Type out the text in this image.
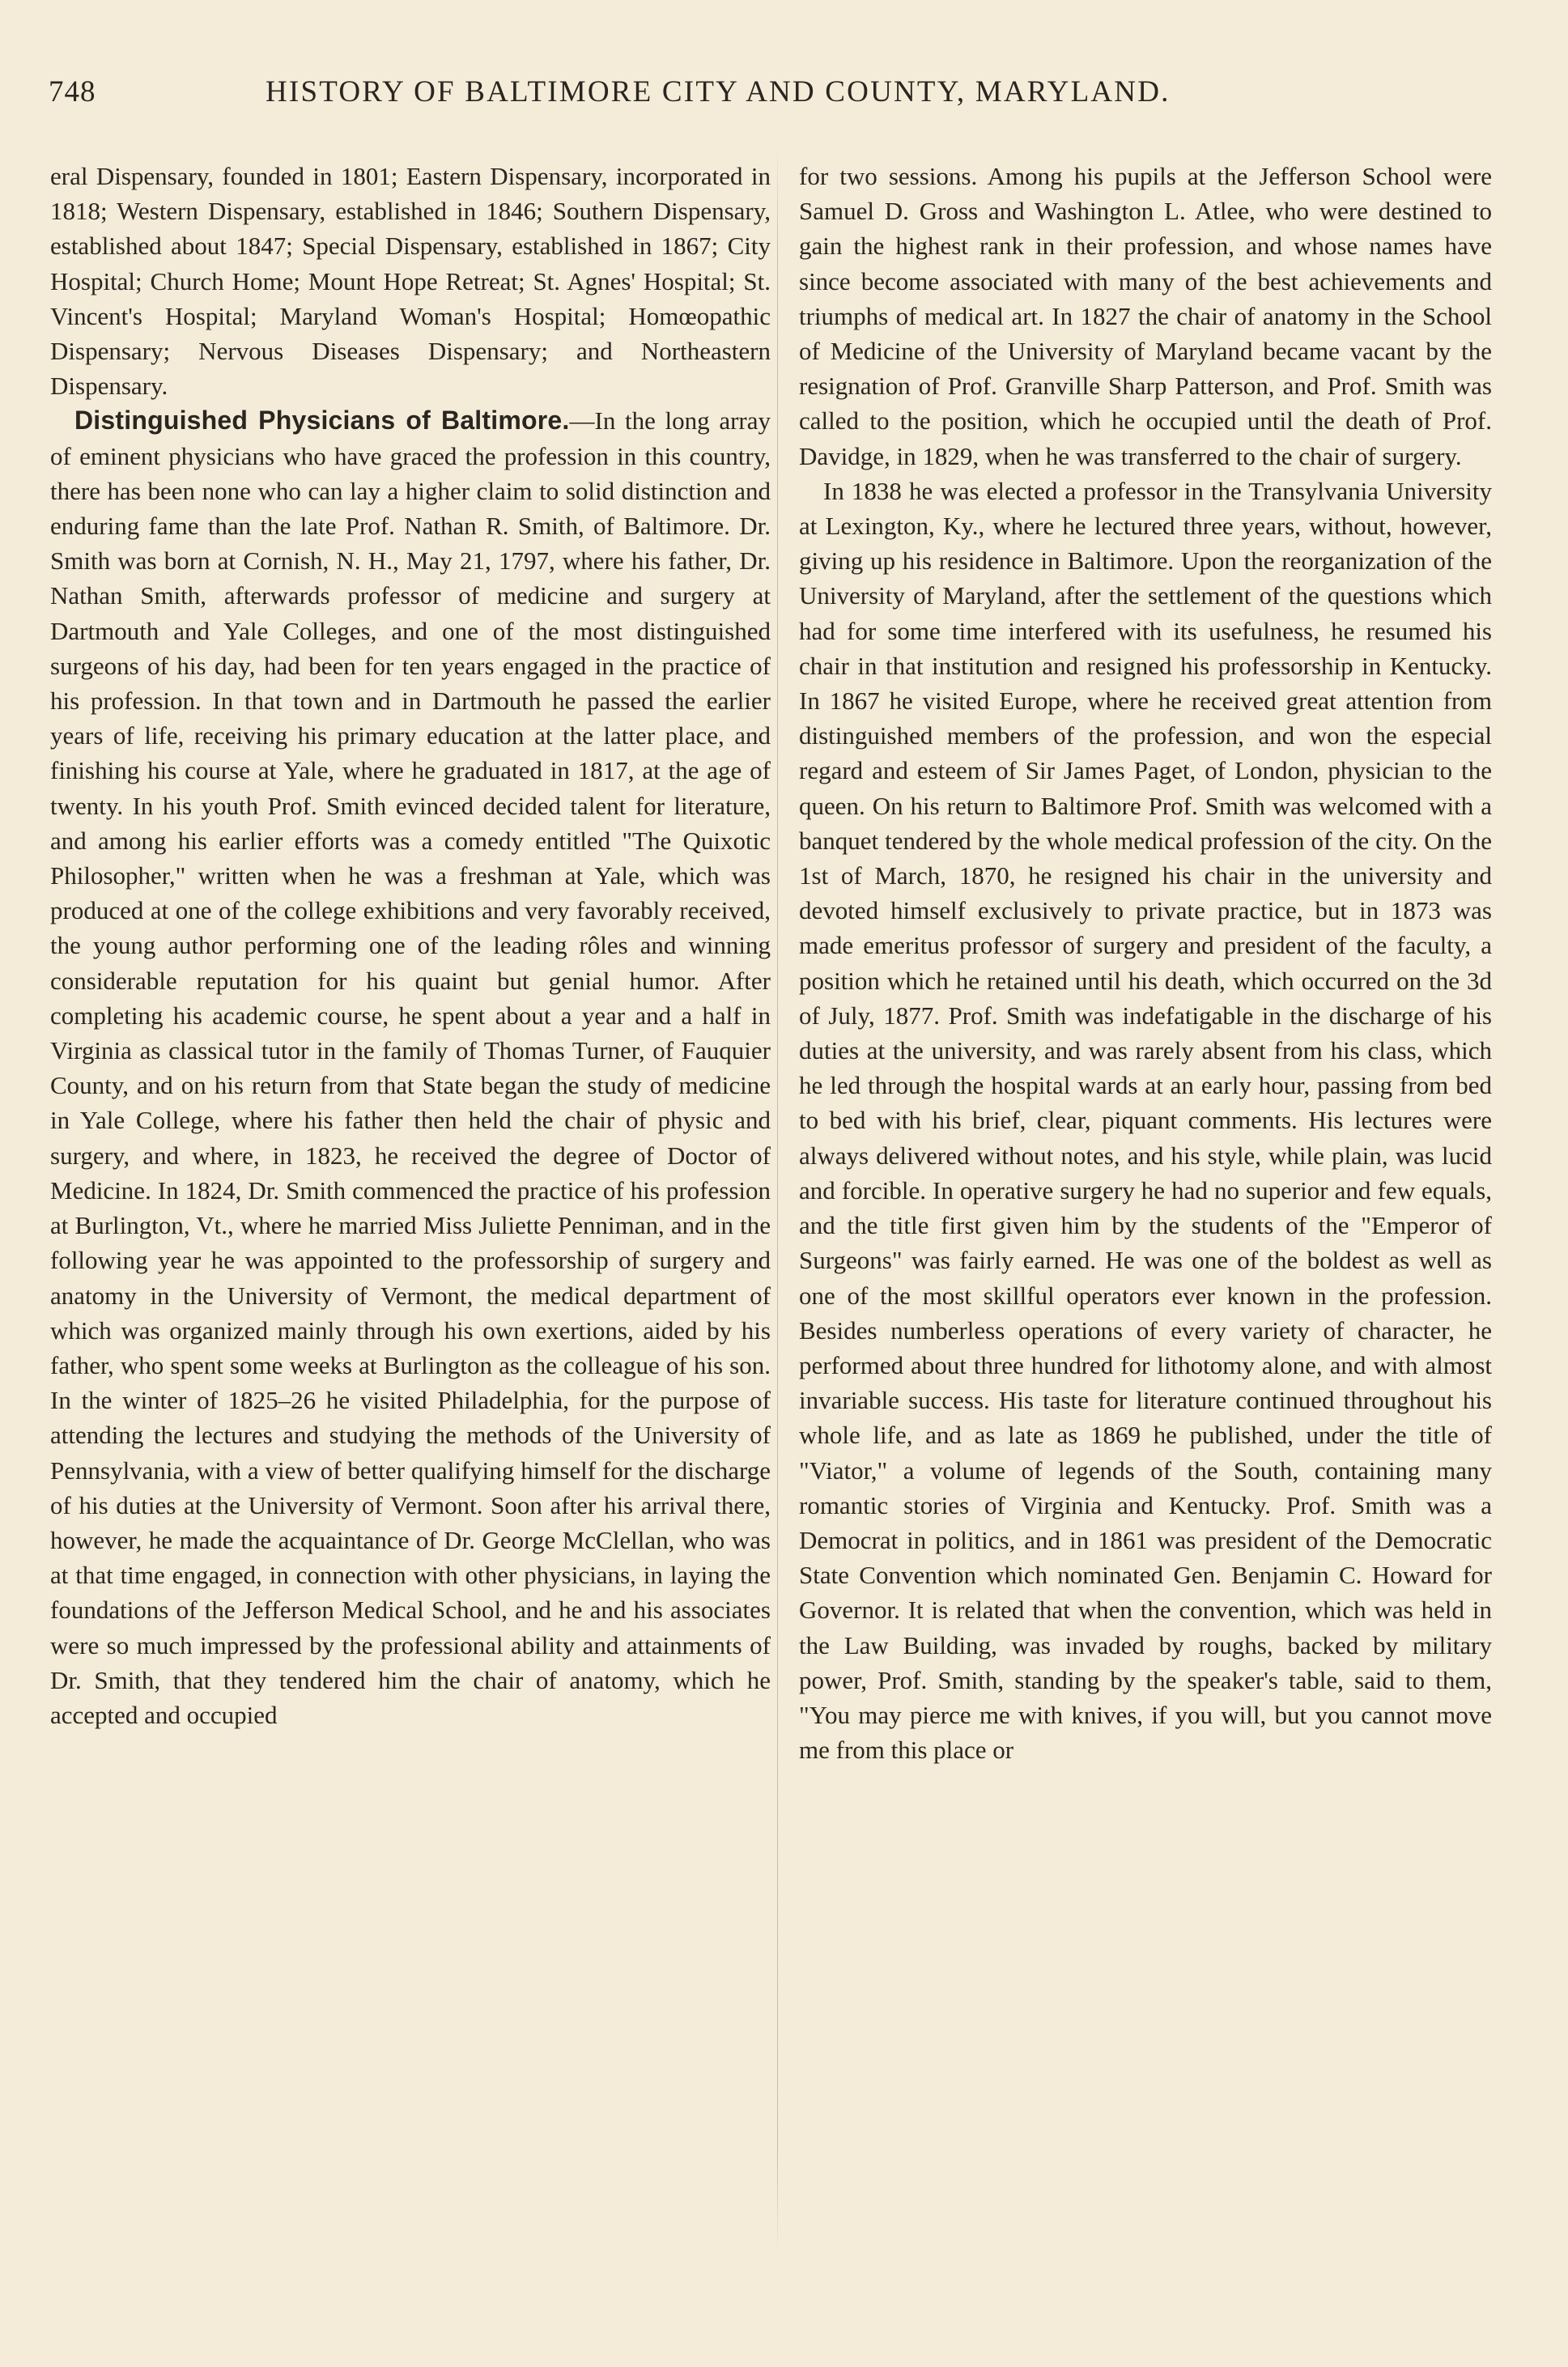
748	HISTORY OF BALTIMORE CITY AND COUNTY, MARYLAND.

eral Dispensary, founded in 1801; Eastern Dispensary, incorporated in 1818; Western Dispensary, established in 1846; Southern Dispensary, established about 1847; Special Dispensary, established in 1867; City Hospital; Church Home; Mount Hope Retreat; St. Agnes' Hospital; St. Vincent's Hospital; Maryland Woman's Hospital; Homœopathic Dispensary; Nervous Diseases Dispensary; and Northeastern Dispensary.

Distinguished Physicians of Baltimore.—In the long array of eminent physicians who have graced the profession in this country, there has been none who can lay a higher claim to solid distinction and enduring fame than the late Prof. Nathan R. Smith, of Baltimore. Dr. Smith was born at Cornish, N. H., May 21, 1797, where his father, Dr. Nathan Smith, afterwards professor of medicine and surgery at Dartmouth and Yale Colleges, and one of the most distinguished surgeons of his day, had been for ten years engaged in the practice of his profession. In that town and in Dartmouth he passed the earlier years of life, receiving his primary education at the latter place, and finishing his course at Yale, where he graduated in 1817, at the age of twenty. In his youth Prof. Smith evinced decided talent for literature, and among his earlier efforts was a comedy entitled "The Quixotic Philosopher," written when he was a freshman at Yale, which was produced at one of the college exhibitions and very favorably received, the young author performing one of the leading rôles and winning considerable reputation for his quaint but genial humor. After completing his academic course, he spent about a year and a half in Virginia as classical tutor in the family of Thomas Turner, of Fauquier County, and on his return from that State began the study of medicine in Yale College, where his father then held the chair of physic and surgery, and where, in 1823, he received the degree of Doctor of Medicine. In 1824, Dr. Smith commenced the practice of his profession at Burlington, Vt., where he married Miss Juliette Penniman, and in the following year he was appointed to the professorship of surgery and anatomy in the University of Vermont, the medical department of which was organized mainly through his own exertions, aided by his father, who spent some weeks at Burlington as the colleague of his son. In the winter of 1825–26 he visited Philadelphia, for the purpose of attending the lectures and studying the methods of the University of Pennsylvania, with a view of better qualifying himself for the discharge of his duties at the University of Vermont. Soon after his arrival there, however, he made the acquaintance of Dr. George McClellan, who was at that time engaged, in connection with other physicians, in laying the foundations of the Jefferson Medical School, and he and his associates were so much impressed by the professional ability and attainments of Dr. Smith, that they tendered him the chair of anatomy, which he accepted and occupied

for two sessions. Among his pupils at the Jefferson School were Samuel D. Gross and Washington L. Atlee, who were destined to gain the highest rank in their profession, and whose names have since become associated with many of the best achievements and triumphs of medical art. In 1827 the chair of anatomy in the School of Medicine of the University of Maryland became vacant by the resignation of Prof. Granville Sharp Patterson, and Prof. Smith was called to the position, which he occupied until the death of Prof. Davidge, in 1829, when he was transferred to the chair of surgery.

In 1838 he was elected a professor in the Transylvania University at Lexington, Ky., where he lectured three years, without, however, giving up his residence in Baltimore. Upon the reorganization of the University of Maryland, after the settlement of the questions which had for some time interfered with its usefulness, he resumed his chair in that institution and resigned his professorship in Kentucky. In 1867 he visited Europe, where he received great attention from distinguished members of the profession, and won the especial regard and esteem of Sir James Paget, of London, physician to the queen. On his return to Baltimore Prof. Smith was welcomed with a banquet tendered by the whole medical profession of the city. On the 1st of March, 1870, he resigned his chair in the university and devoted himself exclusively to private practice, but in 1873 was made emeritus professor of surgery and president of the faculty, a position which he retained until his death, which occurred on the 3d of July, 1877. Prof. Smith was indefatigable in the discharge of his duties at the university, and was rarely absent from his class, which he led through the hospital wards at an early hour, passing from bed to bed with his brief, clear, piquant comments. His lectures were always delivered without notes, and his style, while plain, was lucid and forcible. In operative surgery he had no superior and few equals, and the title first given him by the students of the "Emperor of Surgeons" was fairly earned. He was one of the boldest as well as one of the most skillful operators ever known in the profession. Besides numberless operations of every variety of character, he performed about three hundred for lithotomy alone, and with almost invariable success. His taste for literature continued throughout his whole life, and as late as 1869 he published, under the title of "Viator," a volume of legends of the South, containing many romantic stories of Virginia and Kentucky. Prof. Smith was a Democrat in politics, and in 1861 was president of the Democratic State Convention which nominated Gen. Benjamin C. Howard for Governor. It is related that when the convention, which was held in the Law Building, was invaded by roughs, backed by military power, Prof. Smith, standing by the speaker's table, said to them, "You may pierce me with knives, if you will, but you cannot move me from this place or
